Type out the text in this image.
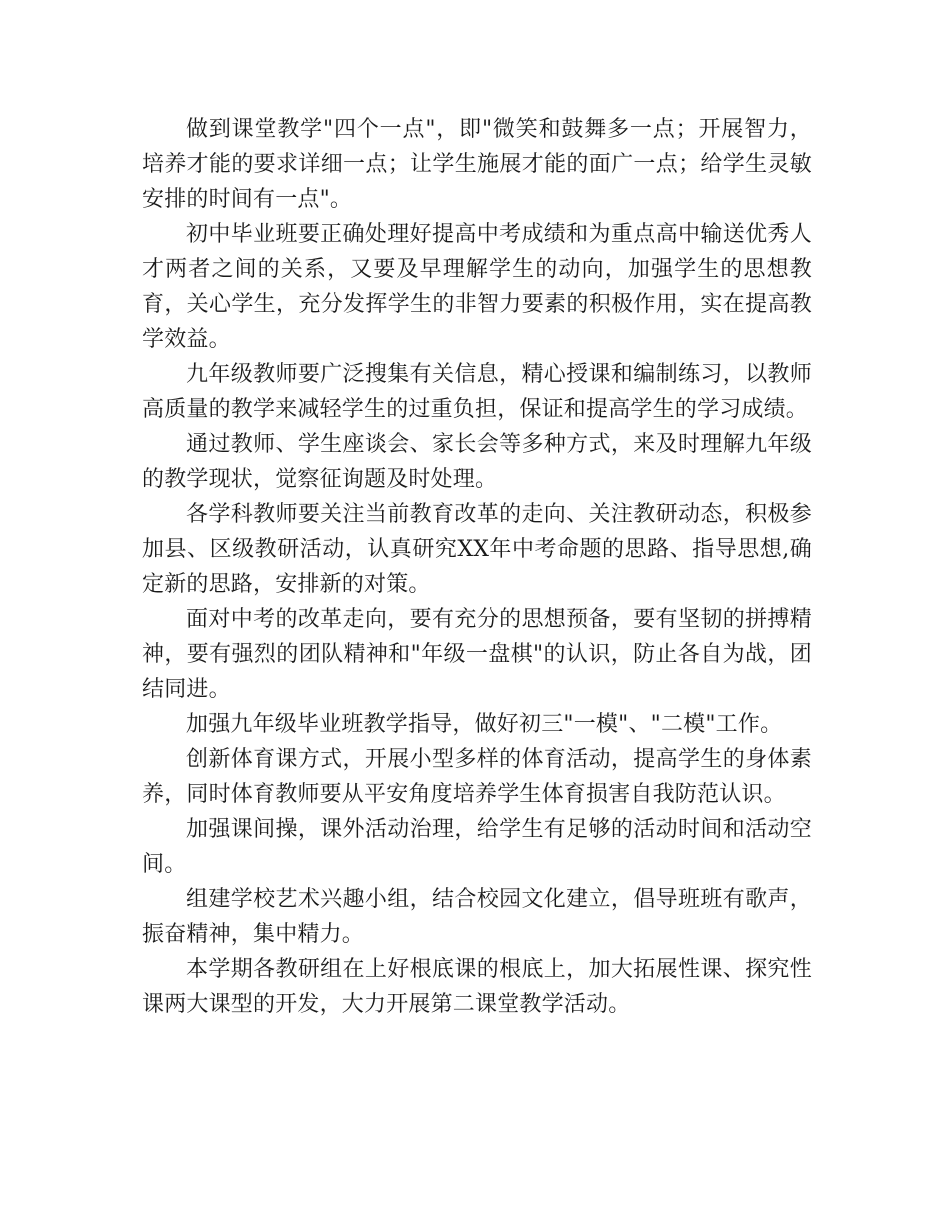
做到课堂教学"四个一点"，即"微笑和鼓舞多一点；开展智力，培养才能的要求详细一点；让学生施展才能的面广一点；给学生灵敏安排的时间有一点"。

初中毕业班要正确处理好提高中考成绩和为重点高中输送优秀人才两者之间的关系，又要及早理解学生的动向，加强学生的思想教育，关心学生，充分发挥学生的非智力要素的积极作用，实在提高教学效益。

九年级教师要广泛搜集有关信息，精心授课和编制练习，以教师高质量的教学来减轻学生的过重负担，保证和提高学生的学习成绩。

通过教师、学生座谈会、家长会等多种方式，来及时理解九年级的教学现状，觉察征询题及时处理。

各学科教师要关注当前教育改革的走向、关注教研动态，积极参加县、区级教研活动，认真研究XX年中考命题的思路、指导思想,确定新的思路，安排新的对策。

面对中考的改革走向，要有充分的思想预备，要有坚韧的拼搏精神，要有强烈的团队精神和"年级一盘棋"的认识，防止各自为战，团结同进。

加强九年级毕业班教学指导，做好初三"一模"、"二模"工作。

创新体育课方式，开展小型多样的体育活动，提高学生的身体素养，同时体育教师要从平安角度培养学生体育损害自我防范认识。

加强课间操，课外活动治理，给学生有足够的活动时间和活动空间。

组建学校艺术兴趣小组，结合校园文化建立，倡导班班有歌声，振奋精神，集中精力。

本学期各教研组在上好根底课的根底上，加大拓展性课、探究性课两大课型的开发，大力开展第二课堂教学活动。
